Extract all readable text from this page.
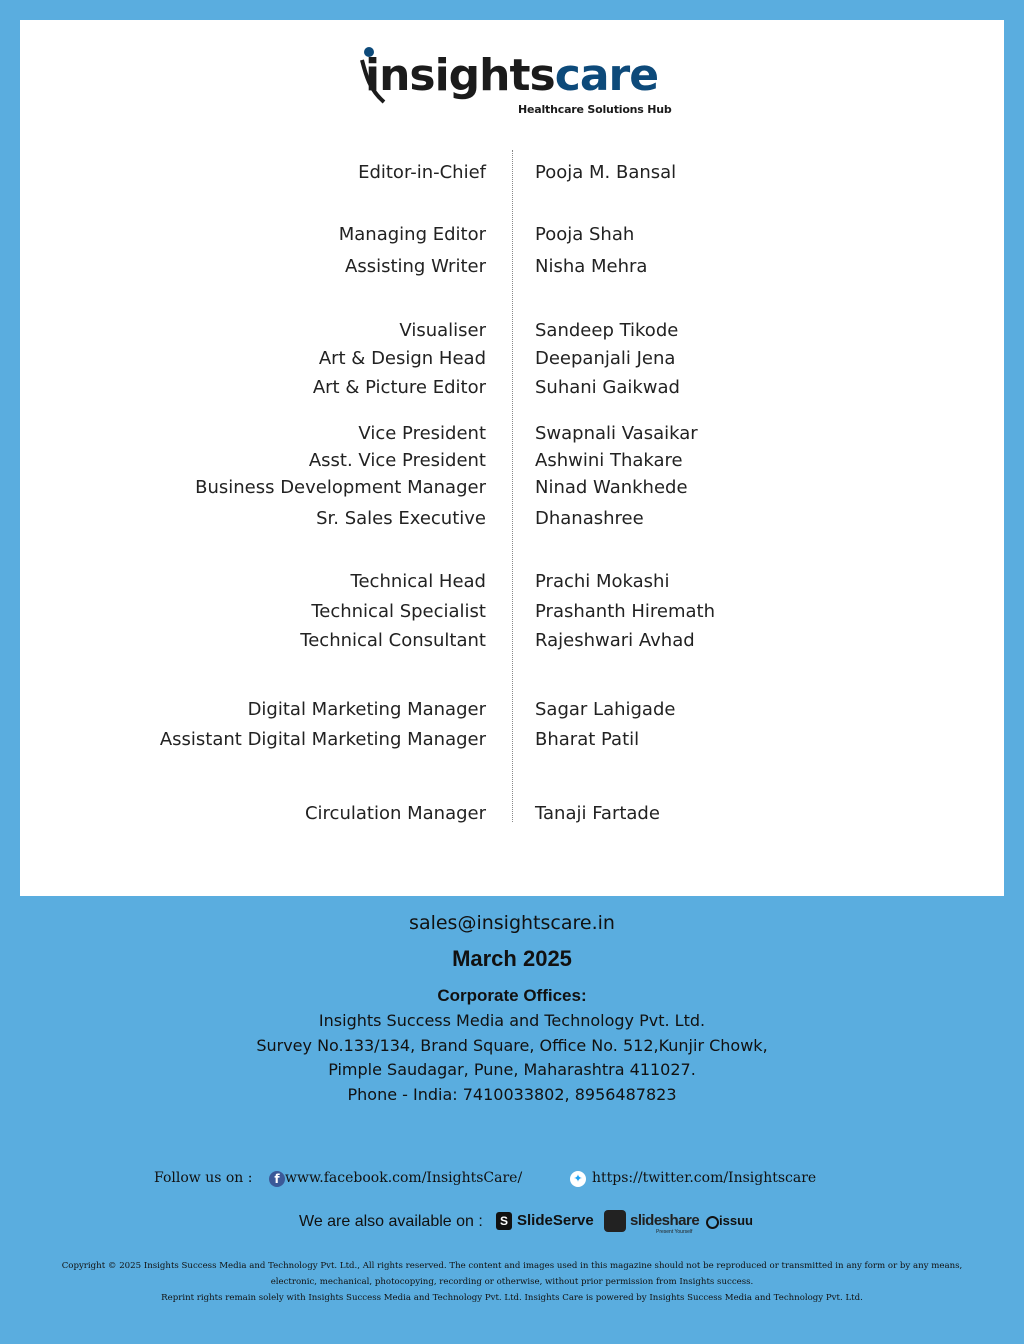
insightscare
Healthcare Solutions Hub
Editor-in-Chief	Pooja M. Bansal
Managing Editor	Pooja Shah
Assisting Writer	Nisha Mehra
Visualiser	Sandeep Tikode
Art & Design Head	Deepanjali Jena
Art & Picture Editor	Suhani Gaikwad
Vice President	Swapnali Vasaikar
Asst. Vice President	Ashwini Thakare
Business Development Manager	Ninad Wankhede
Sr. Sales Executive	Dhanashree
Technical Head	Prachi Mokashi
Technical Specialist	Prashanth Hiremath
Technical Consultant	Rajeshwari Avhad
Digital Marketing Manager	Sagar Lahigade
Assistant Digital Marketing Manager	Bharat Patil
Circulation Manager	Tanaji Fartade
sales@insightscare.in
March 2025
Corporate Offices:
Insights Success Media and Technology Pvt. Ltd.
Survey No.133/134, Brand Square, Office No. 512,Kunjir Chowk,
Pimple Saudagar, Pune, Maharashtra 411027.
Phone - India: 7410033802, 8956487823
Follow us on :	f www.facebook.com/InsightsCare/	✦ https://twitter.com/Insightscare
We are also available on :	S SlideServe slideshare
Present Yourself
issuu
Copyright © 2025 Insights Success Media and Technology Pvt. Ltd., All rights reserved. The content and images used in this magazine should not be reproduced or transmitted in any form or by any means,
electronic, mechanical, photocopying, recording or otherwise, without prior permission from Insights success.
Reprint rights remain solely with Insights Success Media and Technology Pvt. Ltd. Insights Care is powered by Insights Success Media and Technology Pvt. Ltd.
